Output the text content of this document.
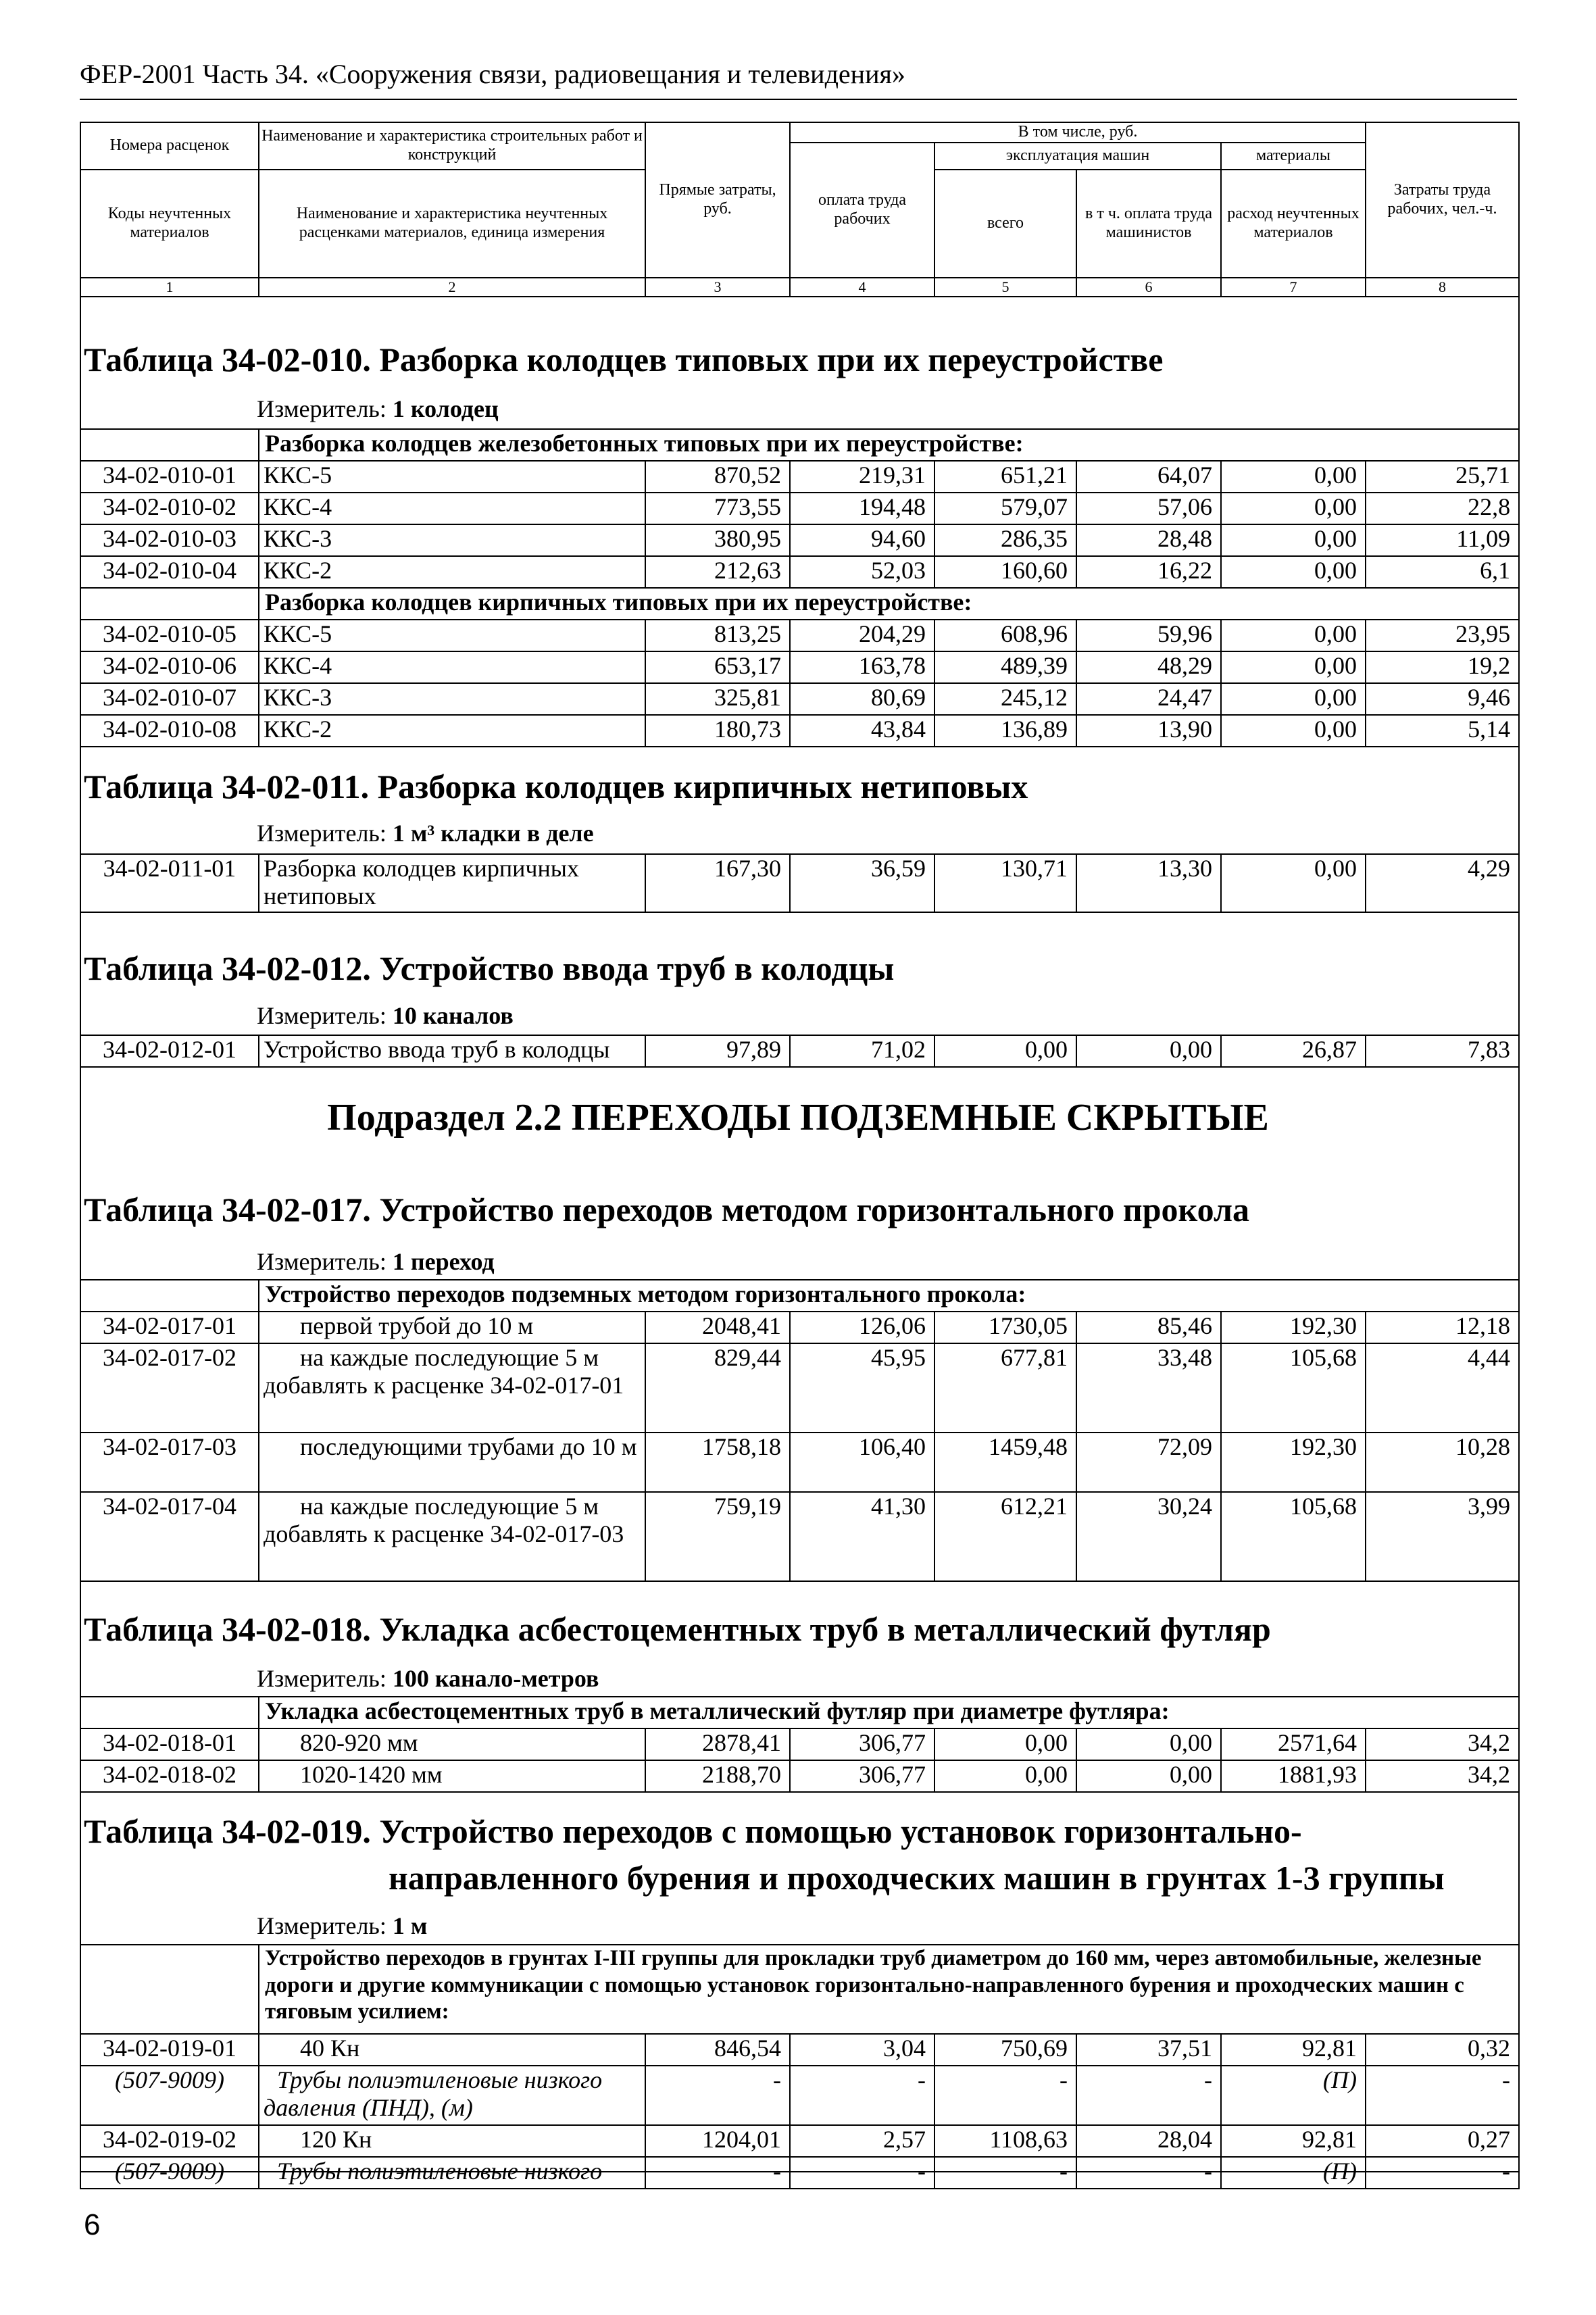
ФЕР-2001 Часть 34. «Сооружения связи, радиовещания и телевидения»
Номера расценок	Наименование и характеристика строительных работ и конструкций	Прямые затраты, руб.	В том числе, руб.				Затраты труда рабочих, чел.-ч.
			оплата труда рабочих	эксплуатация машин		материалы	
Коды неучтенных материалов	Наименование и характеристика неучтенных расценками материалов, единица измерения			всего	в т ч. оплата труда машинистов	расход неучтенных материалов	

1	2	3	4	5	6	7	8
Таблица 34-02-010. Разборка колодцев типовых при их переустройстве
Измеритель: 1 колодец
	Разборка колодцев железобетонных типовых при их переустройстве:						
34-02-010-01	ККС-5	870,52	219,31	651,21	64,07	0,00	25,71
34-02-010-02	ККС-4	773,55	194,48	579,07	57,06	0,00	22,8
34-02-010-03	ККС-3	380,95	94,60	286,35	28,48	0,00	11,09
34-02-010-04	ККС-2	212,63	52,03	160,60	16,22	0,00	6,1
	Разборка колодцев кирпичных типовых при их переустройстве:						
34-02-010-05	ККС-5	813,25	204,29	608,96	59,96	0,00	23,95
34-02-010-06	ККС-4	653,17	163,78	489,39	48,29	0,00	19,2
34-02-010-07	ККС-3	325,81	80,69	245,12	24,47	0,00	9,46
34-02-010-08	ККС-2	180,73	43,84	136,89	13,90	0,00	5,14
Таблица 34-02-011. Разборка колодцев кирпичных нетиповых
Измеритель: 1 м³ кладки в деле
34-02-011-01	Разборка колодцев кирпичных нетиповых	167,30	36,59	130,71	13,30	0,00	4,29
Таблица 34-02-012. Устройство ввода труб в колодцы
Измеритель: 10 каналов
34-02-012-01	Устройство ввода труб в колодцы	97,89	71,02	0,00	0,00	26,87	7,83
Подраздел 2.2 ПЕРЕХОДЫ ПОДЗЕМНЫЕ СКРЫТЫЕ
Таблица 34-02-017. Устройство переходов методом горизонтального прокола
Измеритель: 1 переход
	Устройство переходов подземных методом горизонтального прокола:						
34-02-017-01	первой трубой до 10 м	2048,41	126,06	1730,05	85,46	192,30	12,18
34-02-017-02	на каждые последующие 5 м добавлять к расценке 34-02-017-01	829,44	45,95	677,81	33,48	105,68	4,44
34-02-017-03	последующими трубами до 10 м	1758,18	106,40	1459,48	72,09	192,30	10,28
34-02-017-04	на каждые последующие 5 м добавлять к расценке 34-02-017-03	759,19	41,30	612,21	30,24	105,68	3,99
Таблица 34-02-018. Укладка асбестоцементных труб в металлический футляр
Измеритель: 100 канало-метров
	Укладка асбестоцементных труб в металлический футляр при диаметре футляра:						
34-02-018-01	820-920 мм	2878,41	306,77	0,00	0,00	2571,64	34,2
34-02-018-02	1020-1420 мм	2188,70	306,77	0,00	0,00	1881,93	34,2
Таблица 34-02-019. Устройство переходов с помощью установок горизонтально-
направленного бурения и проходческих машин в грунтах 1-3 группы
Измеритель: 1 м
	Устройство переходов в грунтах I-III группы для прокладки труб диаметром до 160 мм, через автомобильные, железные дороги и другие коммуникации с помощью установок горизонтально-направленного бурения и проходческих машин с тяговым усилием:						
34-02-019-01	40 Кн	846,54	3,04	750,69	37,51	92,81	0,32
(507-9009)	Трубы полиэтиленовые низкого давления (ПНД), (м)	-	-	-	-	(П)	-
34-02-019-02	120 Кн	1204,01	2,57	1108,63	28,04	92,81	0,27
(507-9009)	Трубы полиэтиленовые низкого	-	-	-	-	(П)	-
6
